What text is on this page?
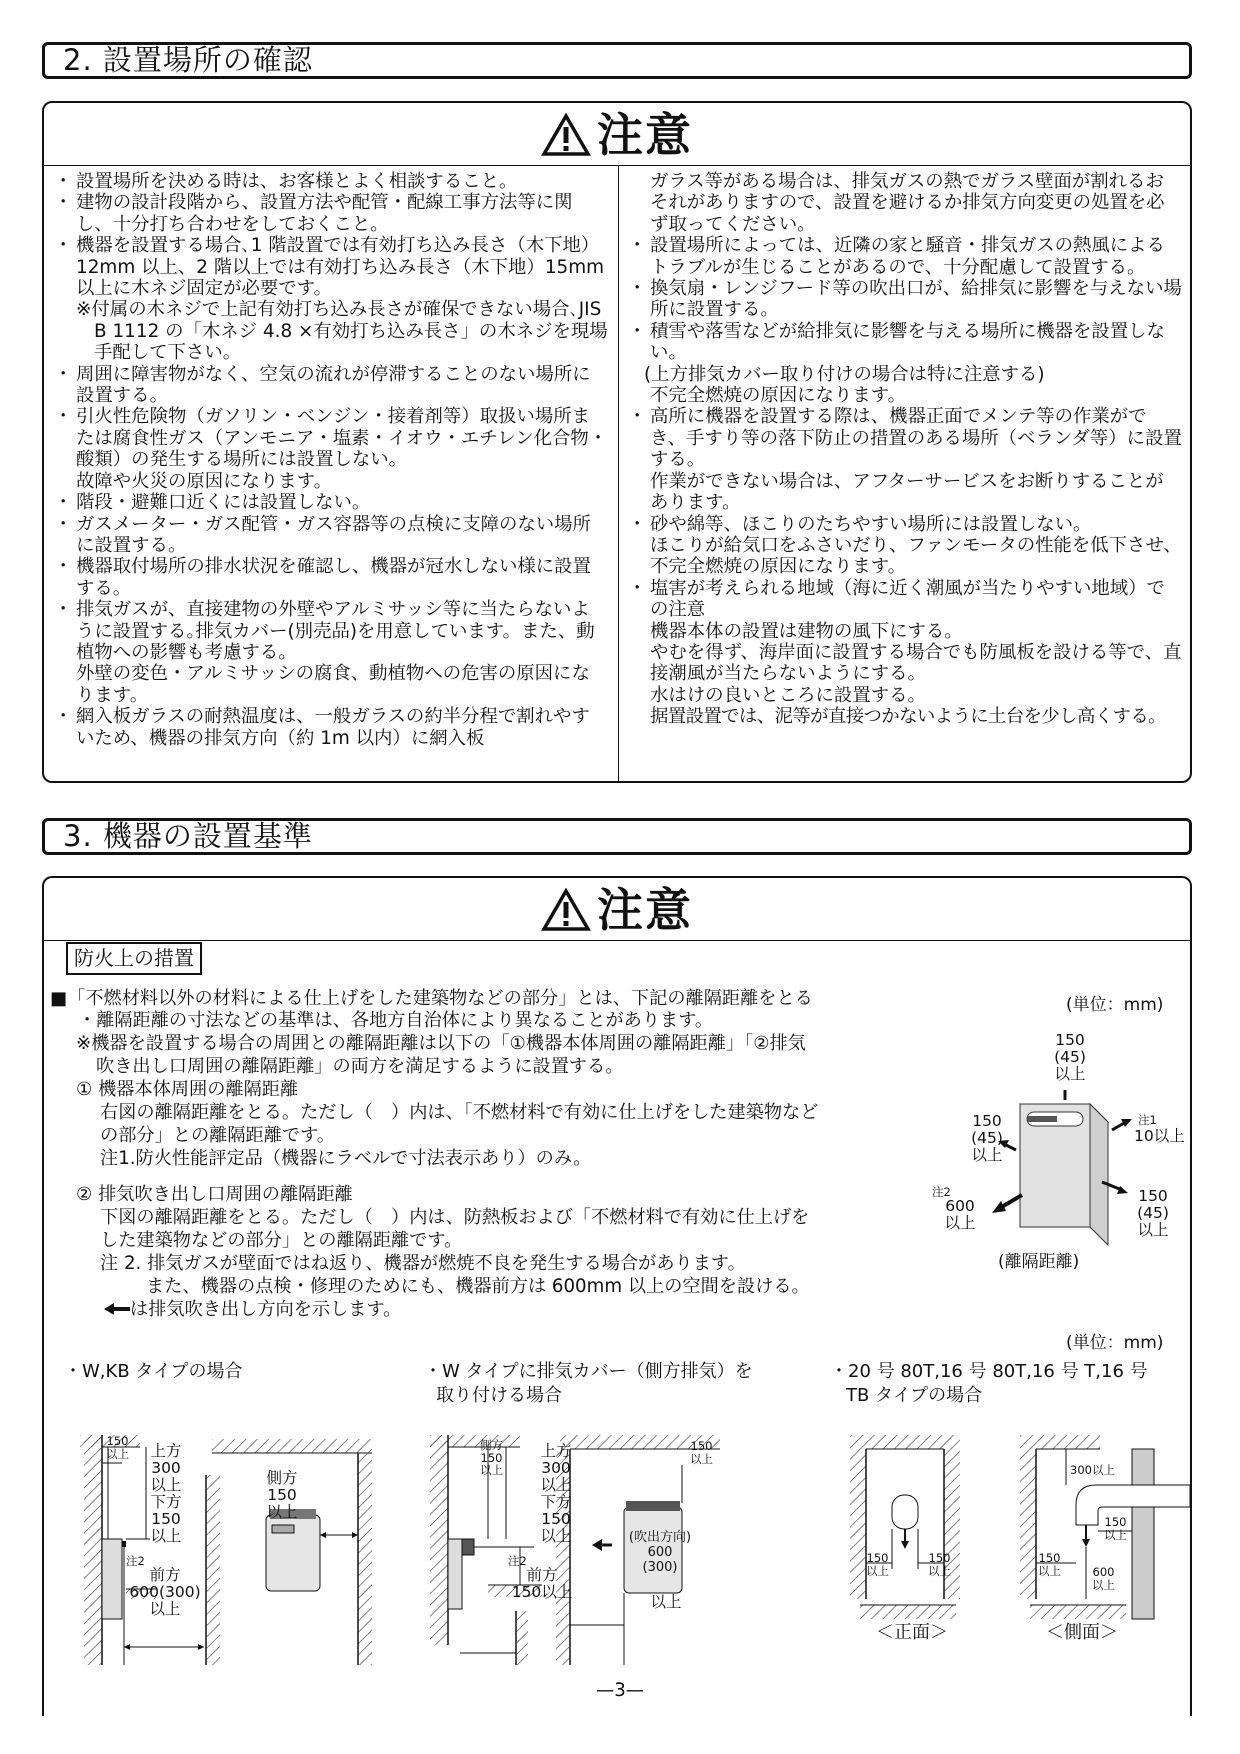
2. 設置場所の確認
注意
・ 設置場所を決める時は、お客様とよく相談すること。
・ 建物の設計段階から、設置方法や配管・配線工事方法等に関し、十分打ち合わせをしておくこと。
・ 機器を設置する場合､1 階設置では有効打ち込み長さ（木下地）12mm 以上、2 階以上では有効打ち込み長さ（木下地）15mm 以上に木ネジ固定が必要です。
※付属の木ネジで上記有効打ち込み長さが確保できない場合､JIS B 1112 の「木ネジ 4.8 ×有効打ち込み長さ」の木ネジを現場手配して下さい。
・ 周囲に障害物がなく、空気の流れが停滞することのない場所に設置する。
・ 引火性危険物（ガソリン・ベンジン・接着剤等）取扱い場所または腐食性ガス（アンモニア・塩素・イオウ・エチレン化合物・酸類）の発生する場所には設置しない。
故障や火災の原因になります。
・ 階段・避難口近くには設置しない。
・ ガスメーター・ガス配管・ガス容器等の点検に支障のない場所に設置する。
・ 機器取付場所の排水状況を確認し、機器が冠水しない様に設置する。
・ 排気ガスが、直接建物の外壁やアルミサッシ等に当たらないように設置する｡排気カバー(別売品)を用意しています。また、動植物への影響も考慮する。
外壁の変色・アルミサッシの腐食、動植物への危害の原因になります。
・ 網入板ガラスの耐熱温度は、一般ガラスの約半分程で割れやすいため、機器の排気方向（約 1m 以内）に網入板
ガラス等がある場合は、排気ガスの熱でガラス壁面が割れるおそれがありますので、設置を避けるか排気方向変更の処置を必ず取ってください。
・ 設置場所によっては、近隣の家と騒音・排気ガスの熱風によるトラブルが生じることがあるので、十分配慮して設置する。
・ 換気扇・レンジフード等の吹出口が、給排気に影響を与えない場所に設置する。
・ 積雪や落雪などが給排気に影響を与える場所に機器を設置しない。
(上方排気カバー取り付けの場合は特に注意する)
不完全燃焼の原因になります。
・ 高所に機器を設置する際は、機器正面でメンテ等の作業ができ、手すり等の落下防止の措置のある場所（ベランダ等）に設置する。
作業ができない場合は、アフターサービスをお断りすることがあります。
・ 砂や綿等、ほこりのたちやすい場所には設置しない。
ほこりが給気口をふさいだり、ファンモータの性能を低下させ、不完全燃焼の原因になります。
・ 塩害が考えられる地域（海に近く潮風が当たりやすい地域）での注意
機器本体の設置は建物の風下にする。
やむを得ず、海岸面に設置する場合でも防風板を設ける等で、直接潮風が当たらないようにする。
水はけの良いところに設置する。
据置設置では、泥等が直接つかないように土台を少し高くする。
3. 機器の設置基準
注意
防火上の措置
■「不燃材料以外の材料による仕上げをした建築物などの部分」とは、下記の離隔距離をとる
・離隔距離の寸法などの基準は、各地方自治体により異なることがあります。
※機器を設置する場合の周囲との離隔距離は以下の「①機器本体周囲の離隔距離」「②排気
吹き出し口周囲の離隔距離」の両方を満足するように設置する。
① 機器本体周囲の離隔距離
右図の離隔距離をとる。ただし（　）内は、「不燃材料で有効に仕上げをした建築物など
の部分」との離隔距離です。
注1.防火性能評定品（機器にラベルで寸法表示あり）のみ。
② 排気吹き出し口周囲の離隔距離
下図の離隔距離をとる。ただし（　）内は、防熱板および「不燃材料で有効に仕上げを
した建築物などの部分」との離隔距離です。
注 2. 排気ガスが壁面ではね返り、機器が燃焼不良を発生する場合があります。
また、機器の点検・修理のためにも、機器前方は 600mm 以上の空間を設ける。
は排気吹き出し方向を示します。
(単位：mm)
150
(45)
以上
150
(45)
以上
注1
10以上
注2
600
以上
150
(45)
以上
(離隔距離)
(単位：mm)
・W,KB タイプの場合	・W タイプに排気カバー（側方排気）を
取り付ける場合
・20 号 80T,16 号 80T,16 号 T,16 号
TB タイプの場合
150
以上 上方
300
以上
下方
150
以上
注2
前方
600(300)
以上
側方
150
以上
側方
150
以上
上方
300
以上
下方
150
以上
注2
前方
150以上
150
以上
(吹出方向)
600
(300)
以上
150
以上
150
以上
＜正面＞
300以上
150
以上
150
以上	600
以上
＜側面＞
—3—
